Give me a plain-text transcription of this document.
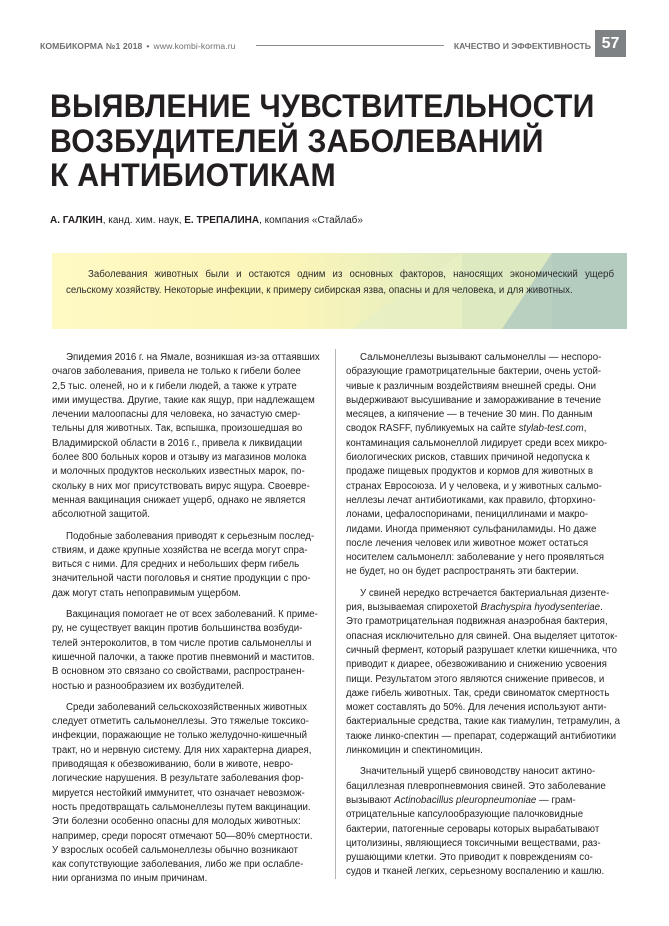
КОМБИКОРМА №1 2018 • www.kombi-korma.ru	КАЧЕСТВО И ЭФФЕКТИВНОСТЬ 57
ВЫЯВЛЕНИЕ ЧУВСТВИТЕЛЬНОСТИ
ВОЗБУДИТЕЛЕЙ ЗАБОЛЕВАНИЙ
К АНТИБИОТИКАМ
А. ГАЛКИН, канд. хим. наук, Е. ТРЕПАЛИНА, компания «Стайлаб»

Заболевания животных были и остаются одним из основных факторов, наносящих экономический ущерб сельскому хозяйству. Некоторые инфекции, к примеру сибирская язва, опасны и для человека, и для животных.

Эпидемия 2016 г. на Ямале, возникшая из-за оттаявших
очагов заболевания, привела не только к гибели более
2,5 тыс. оленей, но и к гибели людей, а также к утрате
ими имущества. Другие, такие как ящур, при надлежащем
лечении малоопасны для человека, но зачастую смер-
тельны для животных. Так, вспышка, произошедшая во
Владимирской области в 2016 г., привела к ликвидации
более 800 больных коров и отзыву из магазинов молока
и молочных продуктов нескольких известных марок, по-
скольку в них мог присутствовать вирус ящура. Своевре-
менная вакцинация снижает ущерб, однако не является
абсолютной защитой.

Подобные заболевания приводят к серьезным послед-
ствиям, и даже крупные хозяйства не всегда могут спра-
виться с ними. Для средних и небольших ферм гибель
значительной части поголовья и снятие продукции с про-
даж могут стать непоправимым ущербом.

Вакцинация помогает не от всех заболеваний. К приме-
ру, не существует вакцин против большинства возбуди-
телей энтероколитов, в том числе против сальмонеллы и
кишечной палочки, а также против пневмоний и маститов.
В основном это связано со свойствами, распространен-
ностью и разнообразием их возбудителей.

Среди заболеваний сельскохозяйственных животных
следует отметить сальмонеллезы. Это тяжелые токсико-
инфекции, поражающие не только желудочно-кишечный
тракт, но и нервную систему. Для них характерна диарея,
приводящая к обезвоживанию, боли в животе, невро-
логические нарушения. В результате заболевания фор-
мируется нестойкий иммунитет, что означает невозмож-
ность предотвращать сальмонеллезы путем вакцинации.
Эти болезни особенно опасны для молодых животных:
например, среди поросят отмечают 50—80% смертности.
У взрослых особей сальмонеллезы обычно возникают
как сопутствующие заболевания, либо же при ослабле-
нии организма по иным причинам.

Сальмонеллезы вызывают сальмонеллы — неспоро-
образующие грамотрицательные бактерии, очень устой-
чивые к различным воздействиям внешней среды. Они
выдерживают высушивание и замораживание в течение
месяцев, а кипячение — в течение 30 мин. По данным
сводок RASFF, публикуемых на сайте stylab-test.com,
контаминация сальмонеллой лидирует среди всех микро-
биологических рисков, ставших причиной недопуска к
продаже пищевых продуктов и кормов для животных в
странах Евросоюза. И у человека, и у животных сальмо-
неллезы лечат антибиотиками, как правило, фторхино-
лонами, цефалоспоринами, пенициллинами и макро-
лидами. Иногда применяют сульфаниламиды. Но даже
после лечения человек или животное может остаться
носителем сальмонелл: заболевание у него проявляться
не будет, но он будет распространять эти бактерии.

У свиней нередко встречается бактериальная дизенте-
рия, вызываемая спирохетой Brachyspira hyodysenteriae.
Это грамотрицательная подвижная анаэробная бактерия,
опасная исключительно для свиней. Она выделяет цитоток-
сичный фермент, который разрушает клетки кишечника, что
приводит к диарее, обезвоживанию и снижению усвоения
пищи. Результатом этого являются снижение привесов, и
даже гибель животных. Так, среди свиноматок смертность
может составлять до 50%. Для лечения используют анти-
бактериальные средства, такие как тиамулин, тетрамулин, а
также линко-спектин — препарат, содержащий антибиотики
линкомицин и спектиномицин.

Значительный ущерб свиноводству наносит актино-
бациллезная плевропневмония свиней. Это заболевание
вызывают Actinobacillus pleuropneumoniae — грам-
отрицательные капсулообразующие палочковидные
бактерии, патогенные серовары которых вырабатывают
цитолизины, являющиеся токсичными веществами, раз-
рушающими клетки. Это приводит к повреждениям со-
судов и тканей легких, серьезному воспалению и кашлю.
